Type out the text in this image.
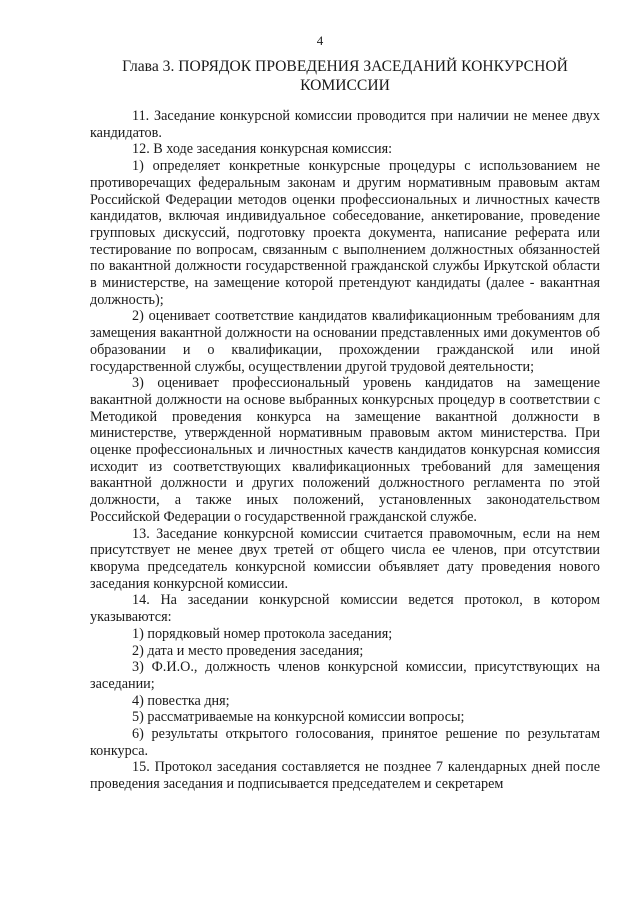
4
Глава 3. ПОРЯДОК ПРОВЕДЕНИЯ ЗАСЕДАНИЙ КОНКУРСНОЙ КОМИССИИ

11. Заседание конкурсной комиссии проводится при наличии не менее двух кандидатов.

12. В ходе заседания конкурсная комиссия:

1) определяет конкретные конкурсные процедуры с использованием не противоречащих федеральным законам и другим нормативным правовым актам Российской Федерации методов оценки профессиональных и личностных качеств кандидатов, включая индивидуальное собеседование, анкетирование, проведение групповых дискуссий, подготовку проекта документа, написание реферата или тестирование по вопросам, связанным с выполнением должностных обязанностей по вакантной должности государственной гражданской службы Иркутской области в министерстве, на замещение которой претендуют кандидаты (далее - вакантная должность);

2) оценивает соответствие кандидатов квалификационным требованиям для замещения вакантной должности на основании представленных ими документов об образовании и о квалификации, прохождении гражданской или иной государственной службы, осуществлении другой трудовой деятельности;

3) оценивает профессиональный уровень кандидатов на замещение вакантной должности на основе выбранных конкурсных процедур в соответствии с Методикой проведения конкурса на замещение вакантной должности в министерстве, утвержденной нормативным правовым актом министерства. При оценке профессиональных и личностных качеств кандидатов конкурсная комиссия исходит из соответствующих квалификационных требований для замещения вакантной должности и других положений должностного регламента по этой должности, а также иных положений, установленных законодательством Российской Федерации о государственной гражданской службе.

13. Заседание конкурсной комиссии считается правомочным, если на нем присутствует не менее двух третей от общего числа ее членов, при отсутствии кворума председатель конкурсной комиссии объявляет дату проведения нового заседания конкурсной комиссии.

14. На заседании конкурсной комиссии ведется протокол, в котором указываются:

1) порядковый номер протокола заседания;

2) дата и место проведения заседания;

3) Ф.И.О., должность членов конкурсной комиссии, присутствующих на заседании;

4) повестка дня;

5) рассматриваемые на конкурсной комиссии вопросы;

6) результаты открытого голосования, принятое решение по результатам конкурса.

15. Протокол заседания составляется не позднее 7 календарных дней после проведения заседания и подписывается председателем и секретарем
